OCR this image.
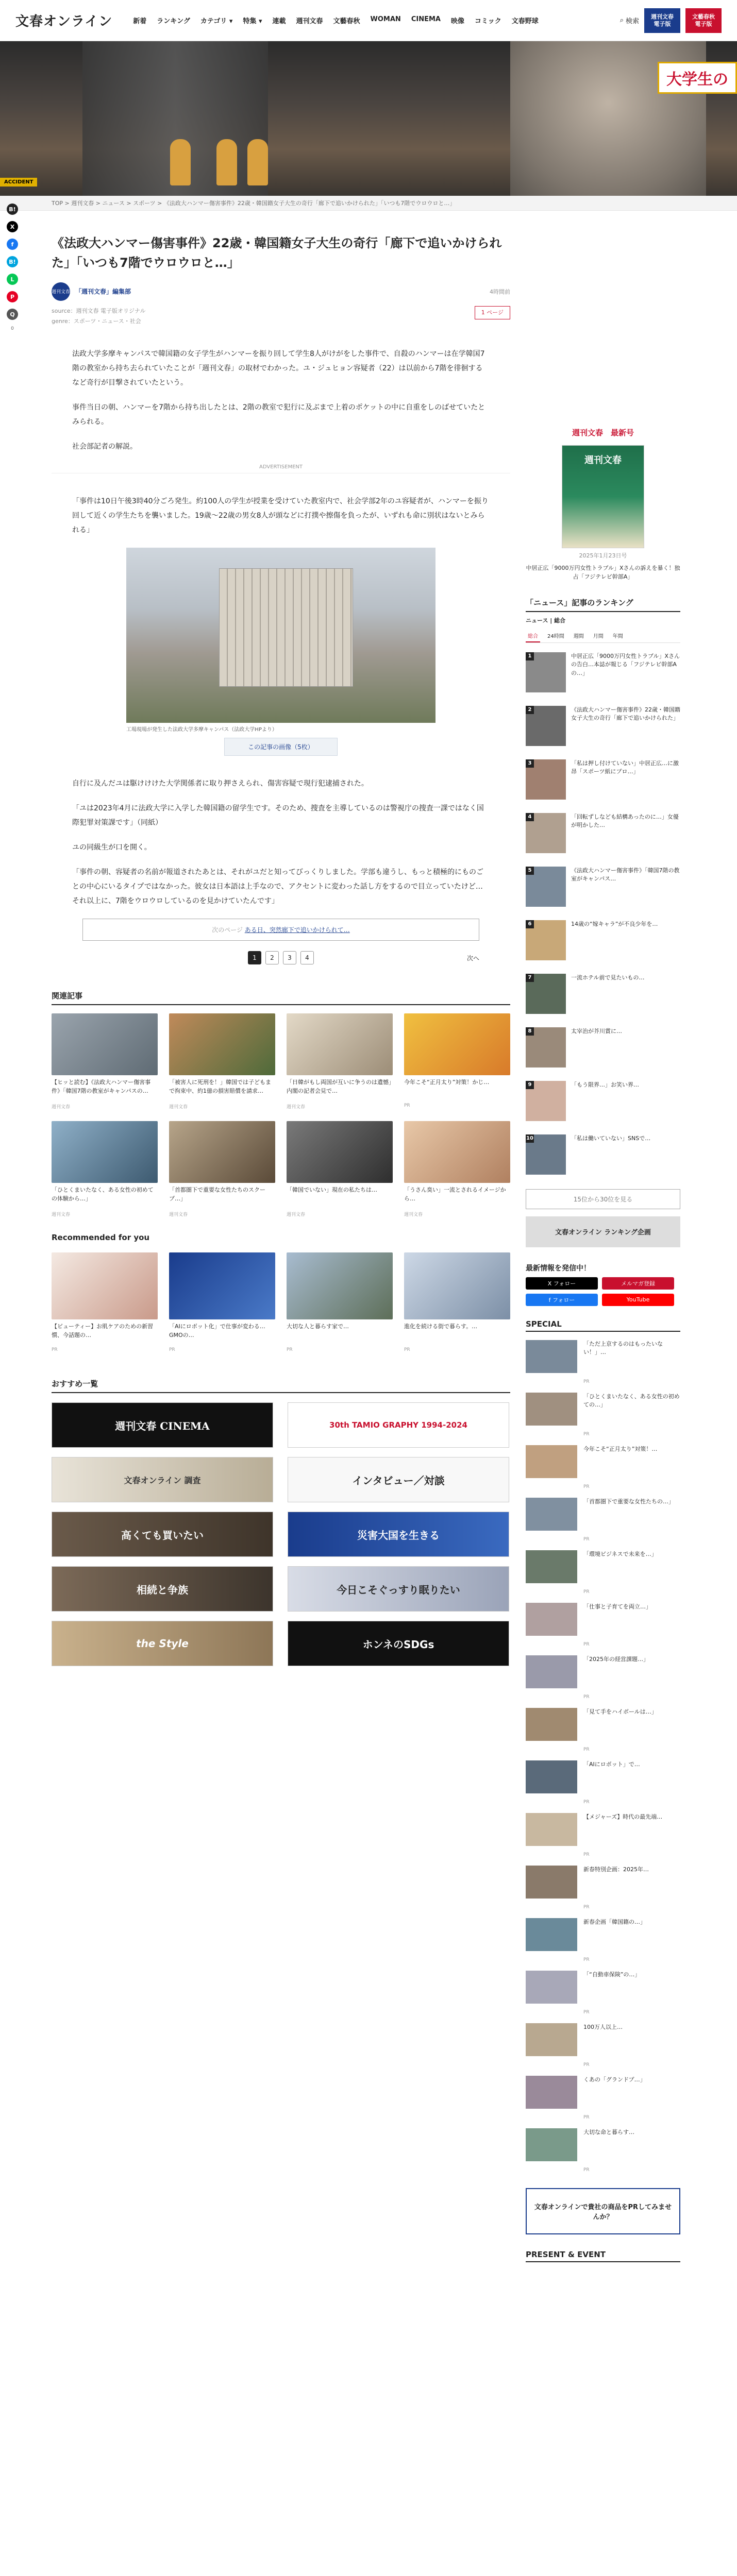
文春オンライン	新着 ランキング カテゴリ ▾ 特集 ▾ 連載 週刊文春 文藝春秋 WOMAN CINEMA 映像 コミック 文春野球	⌕ 検索
週刊文春
電子版
文藝春秋
電子版
大学生の
ACCIDENT
TOP > 週刊文春 > ニュース > スポーツ > 《法政大ハンマー傷害事件》22歳・韓国籍女子大生の奇行「廊下で追いかけられた」「いつも7階でウロウロと…」
B!
X
f
B!
L
P
Q
0
《法政大ハンマー傷害事件》22歳・韓国籍女子大生の奇行「廊下で追いかけられた」「いつも7階でウロウロと…」
週刊文春 「週刊文春」編集部	4時間前
source：週刊文春 電子版オリジナル
genre：スポーツ・ニュース・社会
1 ページ

法政大学多摩キャンパスで韓国籍の女子学生がハンマーを振り回して学生8人がけがをした事件で、自殺のハンマーは在学韓国7階の教室から持ち去られていたことが「週刊文春」の取材でわかった。ユ・ジュヒョン容疑者（22）は以前から7階を徘徊するなど奇行が目撃されていたという。

事件当日の朝、ハンマーを7階から持ち出したとは、2階の教室で犯行に及ぶまで上着のポケットの中に自重をしのばせていたとみられる。

社会部記者の解説。

ADVERTISEMENT

「事件は10日午後3時40分ごろ発生。約100人の学生が授業を受けていた教室内で、社会学部2年のユ容疑者が、ハンマーを振り回して近くの学生たちを襲いました。19歳〜22歳の男女8人が頭などに打撲や擦傷を負ったが、いずれも命に別状はないとみられる」

工場現場が発生した法政大学多摩キャンパス（法政大学HPより）
この記事の画像（5枚）

自行に及んだユは駆けけけた大学関係者に取り押さえられ、傷害容疑で現行犯逮捕された。

「ユは2023年4月に法政大学に入学した韓国籍の留学生です。そのため、捜査を主導しているのは警視庁の捜査一課ではなく国際犯罪対策課です」（同紙）

ユの同級生が口を開く。

「事件の朝、容疑者の名前が報道されたあとは、それがユだと知ってびっくりしました。学部も違うし、もっと積極的にものごとの中心にいるタイプではなかった。彼女は日本語は上手なので、アクセントに変わった話し方をするので目立っていたけど…それ以上に、7階をウロウロしているのを見かけていたんです」

次のページ ある日、突然廊下で追いかけられて…
1	2	3	4	次へ
関連記事

【ヒッと読む】《法政大ハンマー傷害事件》「韓国7階の教室がキャンパスの…

週刊文春

「被害人に死刑を！」韓国では子どもまで拘束中、約1億の損害賠償を請求…

週刊文春

「日韓がもし両国が互いに争うのは遺憾」内閣の記者会見で…

週刊文春

今年こそ“正月太り”対策！かじ…

PR

「ひとくまいたなく、ある女性の初めての体験から…」

週刊文春

「首都圏下で重要な女性たちのスクープ…」

週刊文春

「韓国でいない」現在の私たちは…

週刊文春

「うさん臭い」一流とされるイメージから…

週刊文春
Recommended for you

【ビューティー】お肌ケアのための新習慣、今話題の…

PR

「AIにロボット化」で仕事が変わる…GMOの…

PR

大切な人と暮らす家で…

PR

進化を続ける街で暮らす。…

PR
おすすめ一覧
週刊文春 CINEMA	30th TAMIO GRAPHY 1994-2024
文春オンライン 調査	インタビュー／対談
高くても買いたい	災害大国を生きる
相続と争族	今日こそぐっすり眠りたい
the Style	ホンネのSDGs
週刊文春　最新号
週刊文春
2025年1月23日号
中居正広「9000万円女性トラブル」Xさんの訴えを暴く！独占「フジテレビ幹部A」
「ニュース」記事のランキング
ニュース | 総合
総合	24時間	週間	月間	年間
1	中居正広「9000万円女性トラブル」Xさんの告白…本誌が報じる「フジテレビ幹部Aの…」

2	《法政大ハンマー傷害事件》22歳・韓国籍女子大生の奇行「廊下で追いかけられた」

3	「私は押し付けていない」中居正広…に激昂「スポーツ紙にプロ…」

4	「回転ずしなども結構あったのに…」女優が明かした…

5	《法政大ハンマー傷害事件》「韓国7階の教室がキャンパス…

6	14歳の“嫁キャラ”が不良少年を…

7	一流ホテル前で見たいもの…

8	太宰治が芥川賞に…

9	「もう限界…」お笑い界…

10	「私は働いていない」SNSで…

15位から30位を見る
文春オンライン ランキング企画
最新情報を発信中！
X フォロー	メルマガ登録
f フォロー	YouTube
SPECIAL

「ただ上京するのはもったいない！」…

PR

「ひとくまいたなく、ある女性の初めての…」

PR

今年こそ“正月太り”対策！…

PR

「首都圏下で重要な女性たちの…」

PR

「環境ビジネスで未来を…」

PR

「仕事と子育てを両立…」

PR

「2025年の経営課題…」

PR

「見て手をハイボールは…」

PR

「AIにロボット」で…

PR

【メジャーズ】時代の最先端…

PR

新春特別企画：2025年…

PR

新春企画「韓国籍の…」

PR

「“自動車保険”の…」

PR

100万人以上…

PR

くあの「グランドプ…」

PR

大切な命と暮らす…

PR
文春オンラインで貴社の商品をPRしてみませんか？
PRESENT & EVENT
